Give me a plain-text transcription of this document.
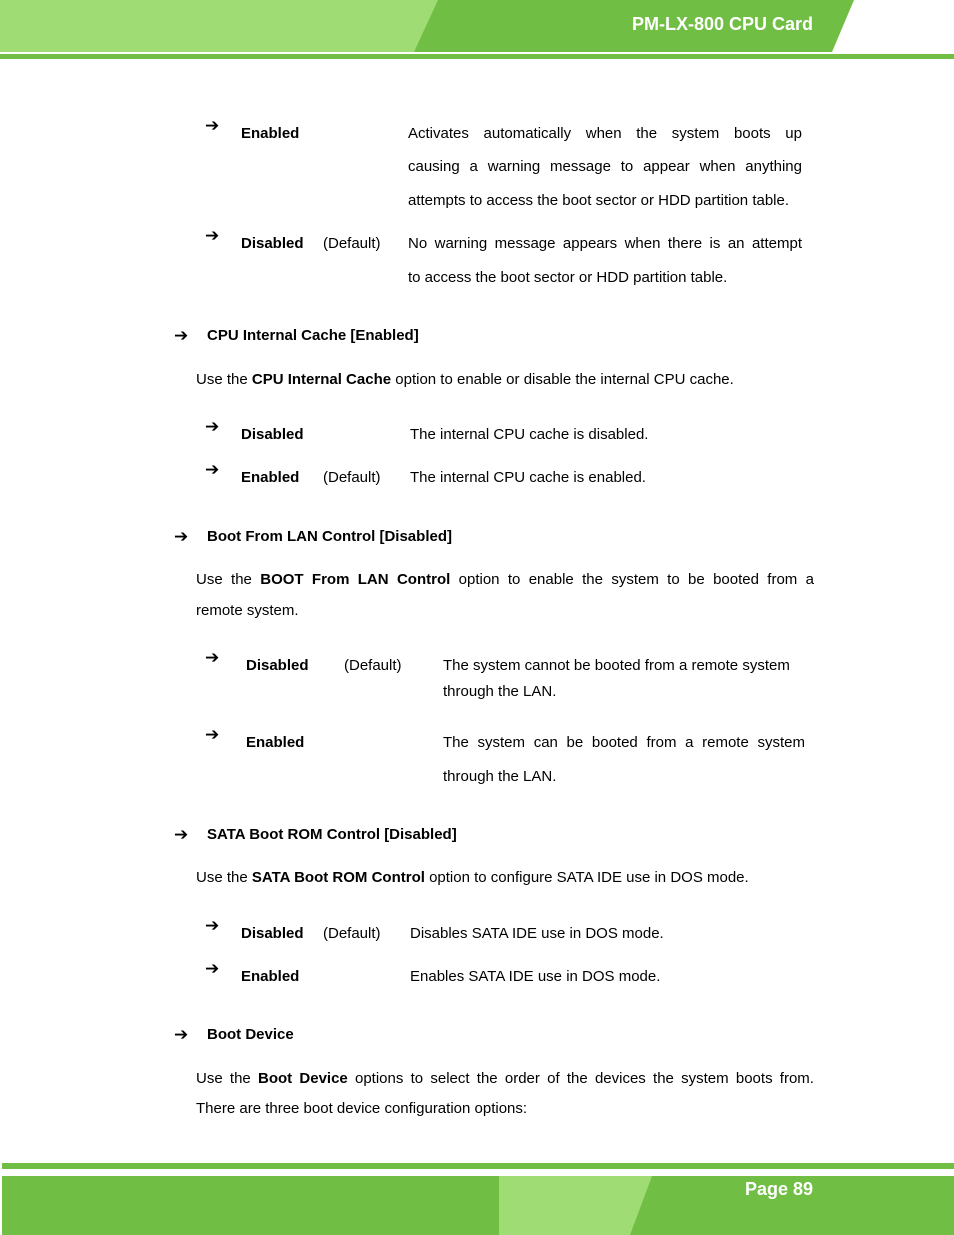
PM-LX-800 CPU Card
➔ Enabled	Activates automatically when the system boots up
causing a warning message to appear when anything
attempts to access the boot sector or HDD partition table.
➔ Disabled (Default) No warning message appears when there is an attempt
to access the boot sector or HDD partition table.
➔ CPU Internal Cache [Enabled]
Use the CPU Internal Cache option to enable or disable the internal CPU cache.
➔ Disabled	The internal CPU cache is disabled.
➔ Enabled (Default) The internal CPU cache is enabled.
➔ Boot From LAN Control [Disabled]
Use the BOOT From LAN Control option to enable the system to be booted from a
remote system.
➔ Disabled (Default)	The system cannot be booted from a remote system
through the LAN.
➔ Enabled	The system can be booted from a remote system
through the LAN.
➔ SATA Boot ROM Control [Disabled]
Use the SATA Boot ROM Control option to configure SATA IDE use in DOS mode.
➔ Disabled (Default) Disables SATA IDE use in DOS mode.
➔ Enabled	Enables SATA IDE use in DOS mode.
➔ Boot Device
Use the Boot Device options to select the order of the devices the system boots from.
There are three boot device configuration options:
Page 89
